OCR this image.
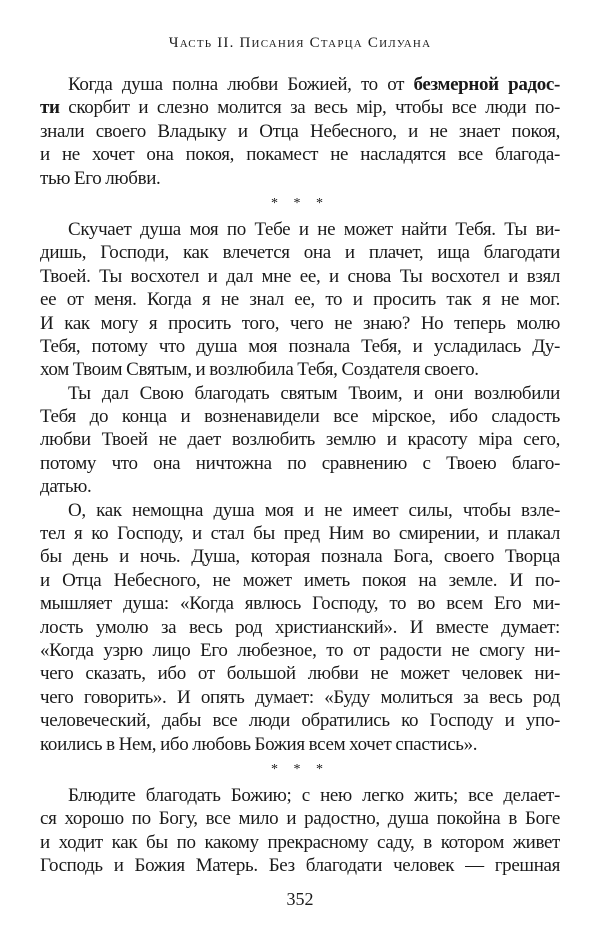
Часть II. Писания Старца Силуана
Когда душа полна любви Божией, то от безмерной радос-
ти скорбит и слезно молится за весь мір, чтобы все люди по-
знали своего Владыку и Отца Небесного, и не знает покоя,
и не хочет она покоя, покамест не насладятся все благода-
тью Его любви.
* * *
Скучает душа моя по Тебе и не может найти Тебя. Ты ви-
дишь, Господи, как влечется она и плачет, ища благодати
Твоей. Ты восхотел и дал мне ее, и снова Ты восхотел и взял
ее от меня. Когда я не знал ее, то и просить так я не мог.
И как могу я просить того, чего не знаю? Но теперь молю
Тебя, потому что душа моя познала Тебя, и усладилась Ду-
хом Твоим Святым, и возлюбила Тебя, Создателя своего.
Ты дал Свою благодать святым Твоим, и они возлюбили
Тебя до конца и возненавидели все мірское, ибо сладость
любви Твоей не дает возлюбить землю и красоту міра сего,
потому что она ничтожна по сравнению с Твоею благо-
датью.
О, как немощна душа моя и не имеет силы, чтобы взле-
тел я ко Господу, и стал бы пред Ним во смирении, и плакал
бы день и ночь. Душа, которая познала Бога, своего Творца
и Отца Небесного, не может иметь покоя на земле. И по-
мышляет душа: «Когда явлюсь Господу, то во всем Его ми-
лость умолю за весь род христианский». И вместе думает:
«Когда узрю лицо Его любезное, то от радости не смогу ни-
чего сказать, ибо от большой любви не может человек ни-
чего говорить». И опять думает: «Буду молиться за весь род
человеческий, дабы все люди обратились ко Господу и упо-
коились в Нем, ибо любовь Божия всем хочет спастись».
* * *
Блюдите благодать Божию; с нею легко жить; все делает-
ся хорошо по Богу, все мило и радостно, душа покойна в Боге
и ходит как бы по какому прекрасному саду, в котором живет
Господь и Божия Матерь. Без благодати человек — грешная
352
